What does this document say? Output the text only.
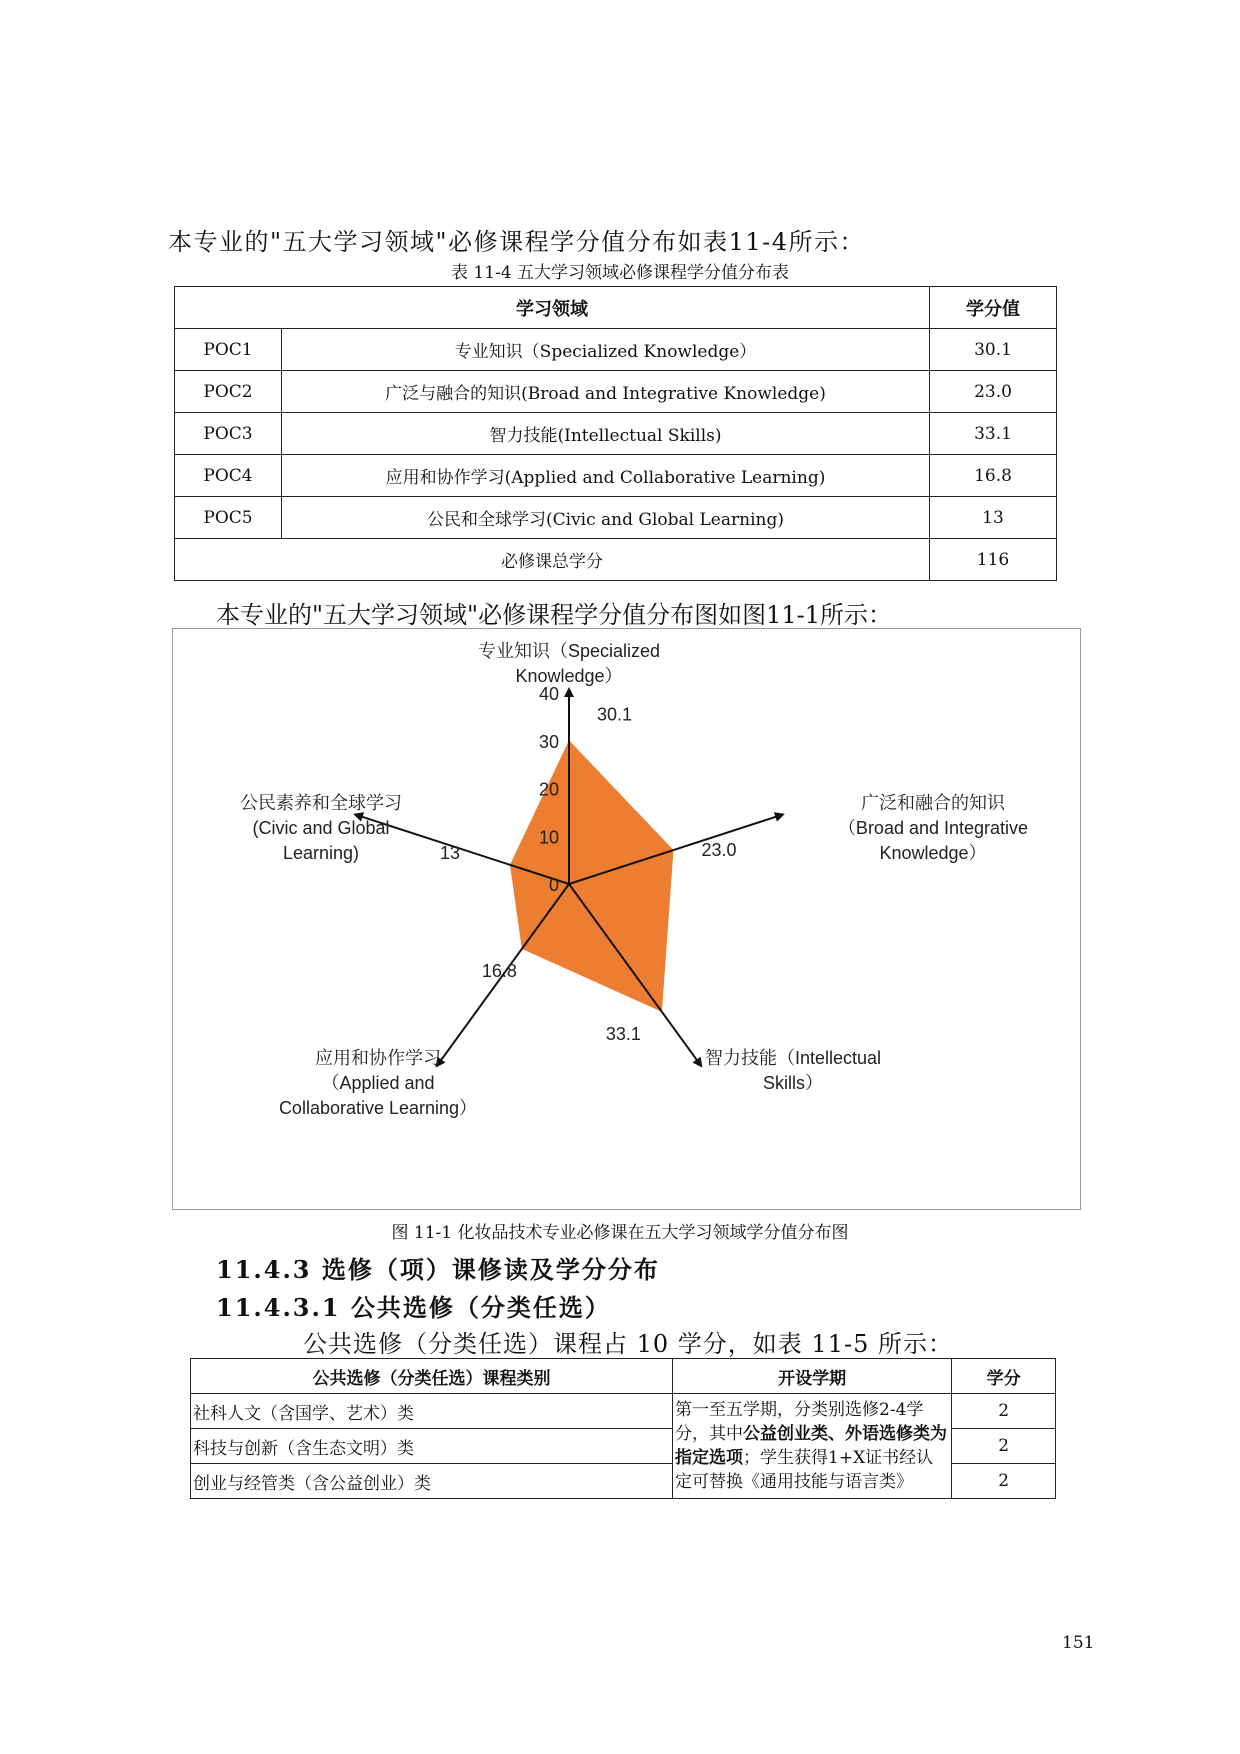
本专业的"五大学习领域"必修课程学分值分布如表11-4所示：
表 11-4 五大学习领域必修课程学分值分布表
学习领域		学分值
POC1	专业知识（Specialized Knowledge）	30.1
POC2	广泛与融合的知识(Broad and Integrative Knowledge)	23.0
POC3	智力技能(Intellectual Skills)	33.1
POC4	应用和协作学习(Applied and Collaborative Learning)	16.8
POC5	公民和全球学习(Civic and Global Learning)	13
必修课总学分		116
本专业的"五大学习领域"必修课程学分值分布图如图11-1所示：
0
10
20
30
40
30.1
23.0
33.1
16.8
13
专业知识（Specialized Knowledge）
广泛和融合的知识（Broad and Integrative Knowledge）
智力技能（Intellectual Skills）
应用和协作学习（Applied and Collaborative Learning）
公民素养和全球学习(Civic and Global Learning)
图 11-1 化妆品技术专业必修课在五大学习领域学分值分布图
11.4.3 选修（项）课修读及学分分布
11.4.3.1 公共选修（分类任选）
公共选修（分类任选）课程占 10 学分，如表 11-5 所示：
公共选修（分类任选）课程类别	开设学期	学分
社科人文（含国学、艺术）类	第一至五学期，分类别选修2-4学分，其中公益创业类、外语选修类为指定选项；学生获得1+X证书经认定可替换《通用技能与语言类》	2
科技与创新（含生态文明）类		2
创业与经管类（含公益创业）类		2
151
